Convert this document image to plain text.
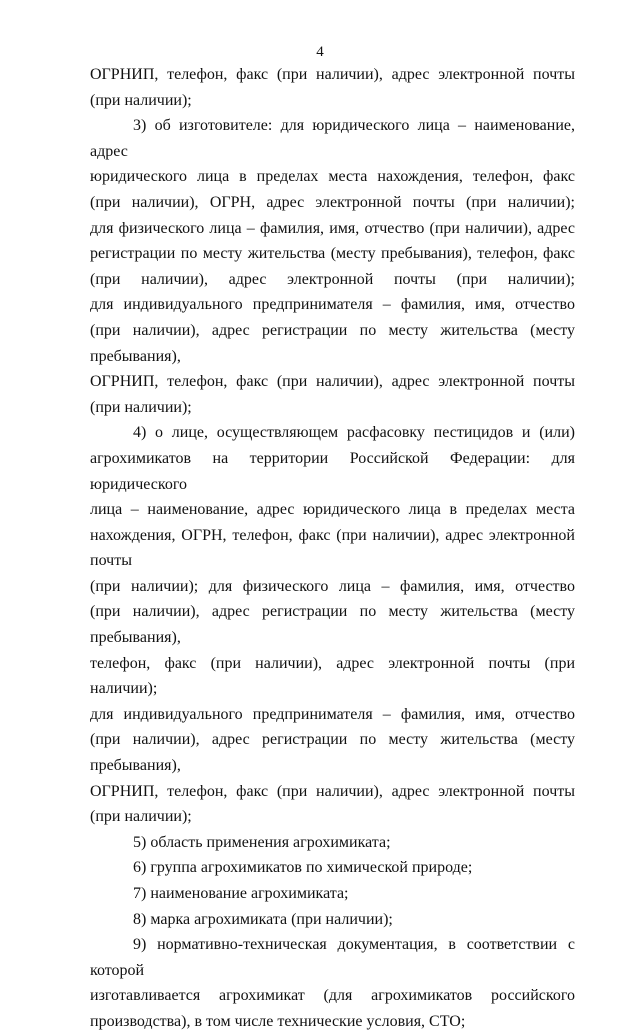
4

ОГРНИП, телефон, факс (при наличии), адрес электронной почты

(при наличии);

3) об изготовителе: для юридического лица – наименование, адрес

юридического лица в пределах места нахождения, телефон, факс

(при наличии), ОГРН, адрес электронной почты (при наличии);

для физического лица – фамилия, имя, отчество (при наличии), адрес

регистрации по месту жительства (месту пребывания), телефон, факс

(при наличии), адрес электронной почты (при наличии);

для индивидуального предпринимателя – фамилия, имя, отчество

(при наличии), адрес регистрации по месту жительства (месту пребывания),

ОГРНИП, телефон, факс (при наличии), адрес электронной почты

(при наличии);

4) о лице, осуществляющем расфасовку пестицидов и (или)

агрохимикатов на территории Российской Федерации: для юридического

лица – наименование, адрес юридического лица в пределах места

нахождения, ОГРН, телефон, факс (при наличии), адрес электронной почты

(при наличии); для физического лица – фамилия, имя, отчество

(при наличии), адрес регистрации по месту жительства (месту пребывания),

телефон, факс (при наличии), адрес электронной почты (при наличии);

для индивидуального предпринимателя – фамилия, имя, отчество

(при наличии), адрес регистрации по месту жительства (месту пребывания),

ОГРНИП, телефон, факс (при наличии), адрес электронной почты

(при наличии);

5) область применения агрохимиката;

6) группа агрохимикатов по химической природе;

7) наименование агрохимиката;

8) марка агрохимиката (при наличии);

9) нормативно-техническая документация, в соответствии с которой

изготавливается агрохимикат (для агрохимикатов российского

производства), в том числе технические условия, СТО;
